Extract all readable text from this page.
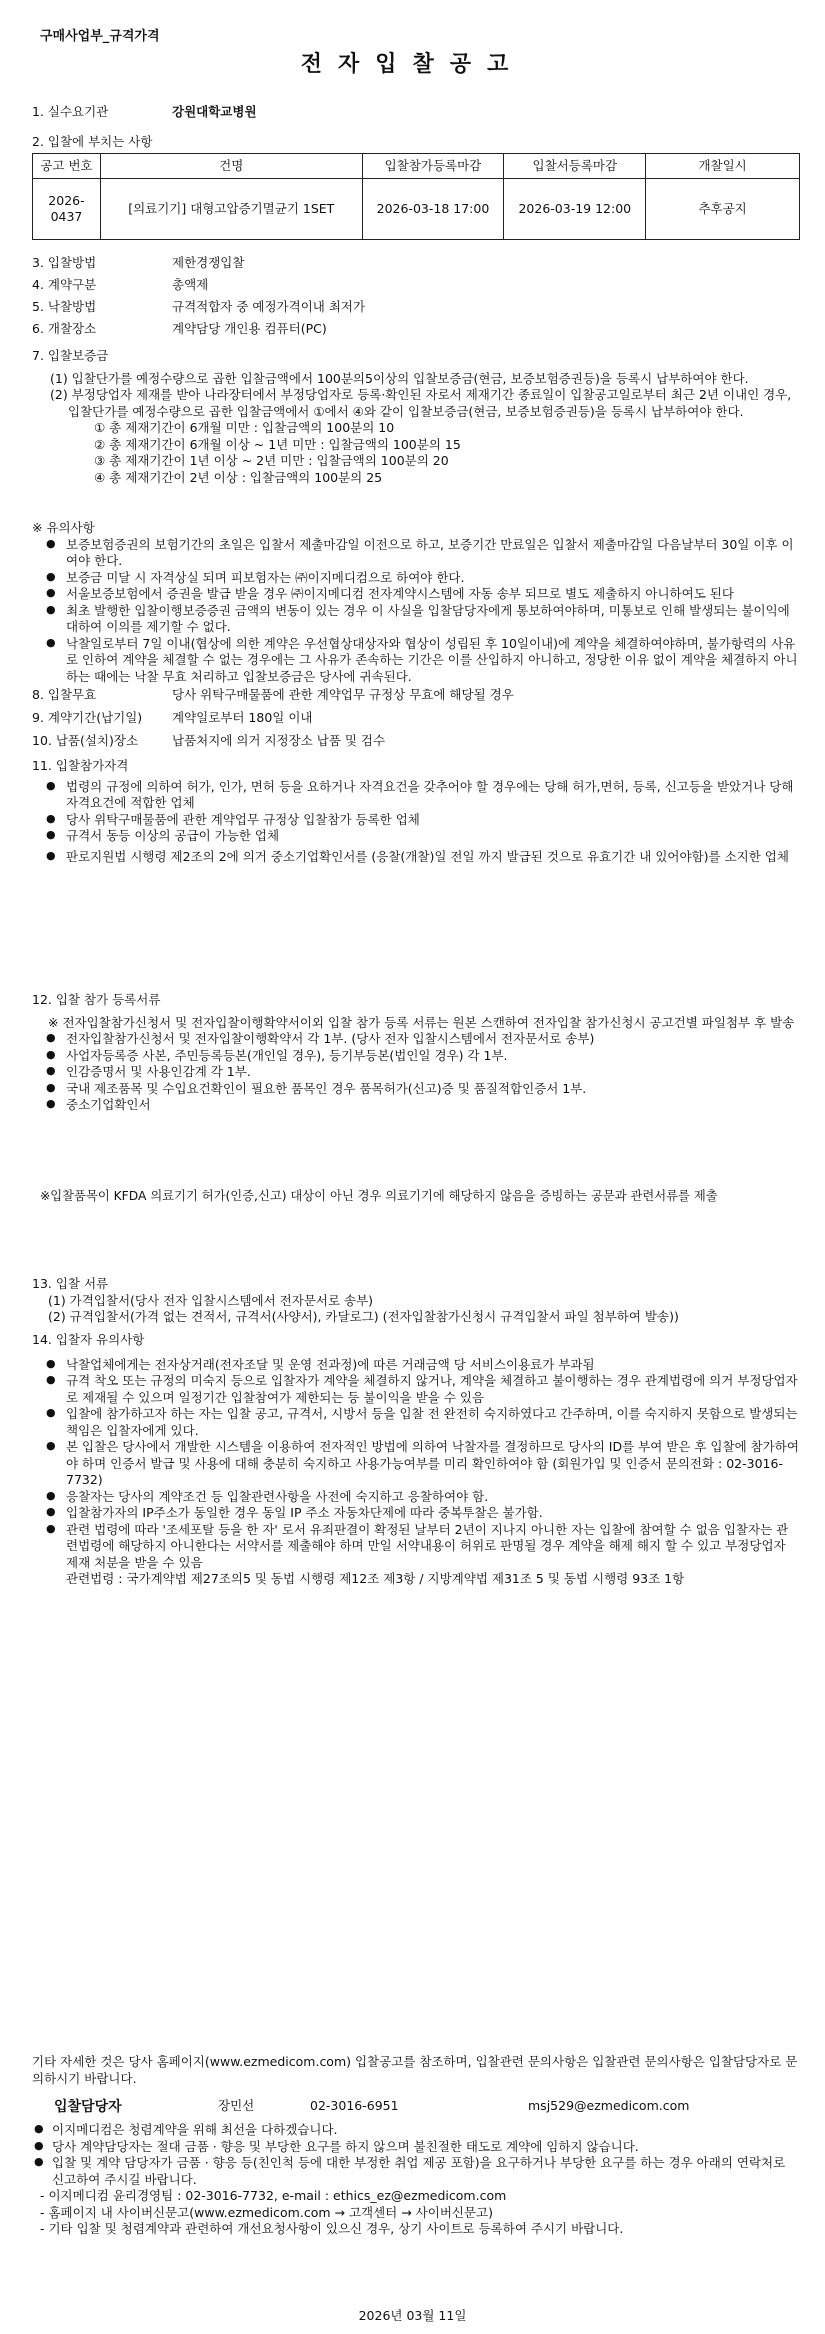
구매사업부_규격가격
전자입찰공고
1. 실수요기관	강원대학교병원
2. 입찰에 부치는 사항
공고 번호	건명	입찰참가등록마감	입찰서등록마감	개찰일시
2026-0437	[의료기기] 대형고압증기멸균기 1SET	2026-03-18 17:00	2026-03-19 12:00	추후공지
3. 입찰방법	제한경쟁입찰
4. 계약구분	총액제
5. 낙찰방법	규격적합자 중 예정가격이내 최저가
6. 개찰장소	계약담당 개인용 컴퓨터(PC)
7. 입찰보증금

(1) 입찰단가를 예정수량으로 곱한 입찰금액에서 100분의5이상의 입찰보증금(현금, 보증보험증권등)을 등록시 납부하여야 한다.

(2) 부정당업자 제재를 받아 나라장터에서 부정당업자로 등록·확인된 자로서 제재기간 종료일이 입찰공고일로부터 최근 2년 이내인 경우, 입찰단가를 예정수량으로 곱한 입찰금액에서 ①에서 ④와 같이 입찰보증금(현금, 보증보험증권등)을 등록시 납부하여야 한다.

① 총 제재기간이 6개월 미만 : 입찰금액의 100분의 10
② 총 제재기간이 6개월 이상 ~ 1년 미만 : 입찰금액의 100분의 15
③ 총 제재기간이 1년 이상 ~ 2년 미만 : 입찰금액의 100분의 20
④ 총 제재기간이 2년 이상 : 입찰금액의 100분의 25
※ 유의사항
● 보증보험증권의 보험기간의 초일은 입찰서 제출마감일 이전으로 하고, 보증기간 만료일은 입찰서 제출마감일 다음날부터 30일 이후 이여야 한다.
● 보증금 미달 시 자격상실 되며 피보험자는 ㈜이지메디컴으로 하여야 한다.
● 서울보증보험에서 증권을 발급 받을 경우 ㈜이지메디컴 전자계약시스템에 자동 송부 되므로 별도 제출하지 아니하여도 된다
● 최초 발행한 입찰이행보증증권 금액의 변동이 있는 경우 이 사실을 입찰담당자에게 통보하여야하며, 미통보로 인해 발생되는 불이익에 대하여 이의를 제기할 수 없다.
● 낙찰일로부터 7일 이내(협상에 의한 계약은 우선협상대상자와 협상이 성립된 후 10일이내)에 계약을 체결하여야하며, 불가항력의 사유로 인하여 계약을 체결할 수 없는 경우에는 그 사유가 존속하는 기간은 이를 산입하지 아니하고, 정당한 이유 없이 계약을 체결하지 아니하는 때에는 낙찰 무효 처리하고 입찰보증금은 당사에 귀속된다.
8. 입찰무효	당사 위탁구매물품에 관한 계약업무 규정상 무효에 해당될 경우
9. 계약기간(납기일)	계약일로부터 180일 이내
10. 납품(설치)장소	납품처지에 의거 지정장소 납품 및 검수
11. 입찰참가자격
● 법령의 규정에 의하여 허가, 인가, 면허 등을 요하거나 자격요건을 갖추어야 할 경우에는 당해 허가,면허, 등록, 신고등을 받았거나 당해 자격요건에 적합한 업체
● 당사 위탁구매물품에 관한 계약업무 규정상 입찰참가 등록한 업체
● 규격서 동등 이상의 공급이 가능한 업체
● 판로지원법 시행령 제2조의 2에 의거 중소기업확인서를 (응찰(개찰)일 전일 까지 발급된 것으로 유효기간 내 있어야함)를 소지한 업체
12. 입찰 참가 등록서류
※ 전자입찰참가신청서 및 전자입찰이행확약서이외 입찰 참가 등록 서류는 원본 스캔하여 전자입찰 참가신청시 공고건별 파일첨부 후 발송
● 전자입찰참가신청서 및 전자입찰이행확약서 각 1부. (당사 전자 입찰시스템에서 전자문서로 송부)
● 사업자등록증 사본, 주민등록등본(개인일 경우), 등기부등본(법인일 경우) 각 1부.
● 인감증명서 및 사용인감계 각 1부.
● 국내 제조품목 및 수입요건확인이 필요한 품목인 경우 품목허가(신고)증 및 품질적합인증서 1부.
● 중소기업확인서
※입찰품목이 KFDA 의료기기 허가(인증,신고) 대상이 아닌 경우 의료기기에 해당하지 않음을 증빙하는 공문과 관련서류를 제출
13. 입찰 서류
(1) 가격입찰서(당사 전자 입찰시스템에서 전자문서로 송부)
(2) 규격입찰서(가격 없는 견적서, 규격서(사양서), 카달로그) (전자입찰참가신청시 규격입찰서 파일 첨부하여 발송))
14. 입찰자 유의사항
● 낙찰업체에게는 전자상거래(전자조달 및 운영 전과정)에 따른 거래금액 당 서비스이용료가 부과됨
● 규격 착오 또는 규정의 미숙지 등으로 입찰자가 계약을 체결하지 않거나, 계약을 체결하고 불이행하는 경우 관계법령에 의거 부정당업자로 제재될 수 있으며 일정기간 입찰참여가 제한되는 등 불이익을 받을 수 있음
● 입찰에 참가하고자 하는 자는 입찰 공고, 규격서, 시방서 등을 입찰 전 완전히 숙지하였다고 간주하며, 이를 숙지하지 못함으로 발생되는 책임은 입찰자에게 있다.
● 본 입찰은 당사에서 개발한 시스템을 이용하여 전자적인 방법에 의하여 낙찰자를 결정하므로 당사의 ID를 부여 받은 후 입찰에 참가하여야 하며 인증서 발급 및 사용에 대해 충분히 숙지하고 사용가능여부를 미리 확인하여야 함 (회원가입 및 인증서 문의전화 : 02-3016-7732)
● 응찰자는 당사의 계약조건 등 입찰관련사항을 사전에 숙지하고 응찰하여야 함.
● 입찰참가자의 IP주소가 동일한 경우 동일 IP 주소 자동차단제에 따라 중복투찰은 불가함.
● 관련 법령에 따라 '조세포탈 등을 한 자' 로서 유죄판결이 확정된 날부터 2년이 지나지 아니한 자는 입찰에 참여할 수 없음 입찰자는 관련법령에 해당하지 아니한다는 서약서를 제출해야 하며 만일 서약내용이 허위로 판명될 경우 계약을 해제 해지 할 수 있고 부정당업자 제재 처분을 받을 수 있음
관련법령 : 국가계약법 제27조의5 및 동법 시행령 제12조 제3항 / 지방계약법 제31조 5 및 동법 시행령 93조 1항
기타 자세한 것은 당사 홈페이지(www.ezmedicom.com) 입찰공고를 참조하며, 입찰관련 문의사항은 입찰관련 문의사항은 입찰담당자로 문의하시기 바랍니다.
입찰담당자	장민선	02-3016-6951	msj529@ezmedicom.com
● 이지메디컴은 청렴계약을 위해 최선을 다하겠습니다.
● 당사 계약담당자는 절대 금품 · 향응 및 부당한 요구를 하지 않으며 불친절한 태도로 계약에 임하지 않습니다.
● 입찰 및 계약 담당자가 금품 · 향응 등(친인척 등에 대한 부정한 취업 제공 포함)을 요구하거나 부당한 요구를 하는 경우 아래의 연락처로 신고하여 주시길 바랍니다.
- 이지메디컴 윤리경영팀 : 02-3016-7732, e-mail : ethics_ez@ezmedicom.com
- 홈페이지 내 사이버신문고(www.ezmedicom.com → 고객센터 → 사이버신문고)
- 기타 입찰 및 청렴계약과 관련하여 개선요청사항이 있으신 경우, 상기 사이트로 등록하여 주시기 바랍니다.
2026년 03월 11일
